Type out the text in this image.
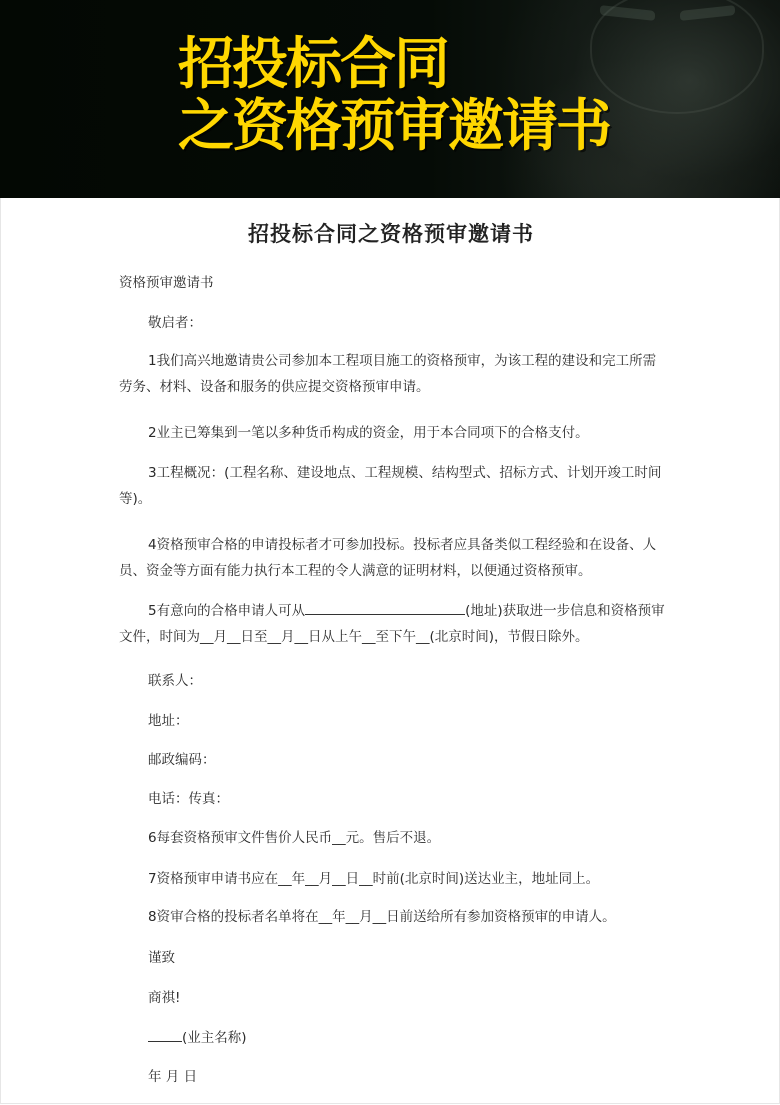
招投标合同
之资格预审邀请书
招投标合同之资格预审邀请书
资格预审邀请书
敬启者：
1我们高兴地邀请贵公司参加本工程项目施工的资格预审，为该工程的建设和完工所需劳务、材料、设备和服务的供应提交资格预审申请。
2业主已筹集到一笔以多种货币构成的资金，用于本合同项下的合格支付。
3工程概况：(工程名称、建设地点、工程规模、结构型式、招标方式、计划开竣工时间等)。
4资格预审合格的申请投标者才可参加投标。投标者应具备类似工程经验和在设备、人员、资金等方面有能力执行本工程的令人满意的证明材料，以便通过资格预审。
5有意向的合格申请人可从	(地址)获取进一步信息和资格预审文件，时间为__月__日至__月__日从上午__至下午__(北京时间)，节假日除外。
联系人：
地址：
邮政编码：
电话：传真：
6每套资格预审文件售价人民币__元。售后不退。
7资格预审申请书应在__年__月__日__时前(北京时间)送达业主，地址同上。
8资审合格的投标者名单将在__年__月__日前送给所有参加资格预审的申请人。
谨致
商祺!
(业主名称)
年 月 日
